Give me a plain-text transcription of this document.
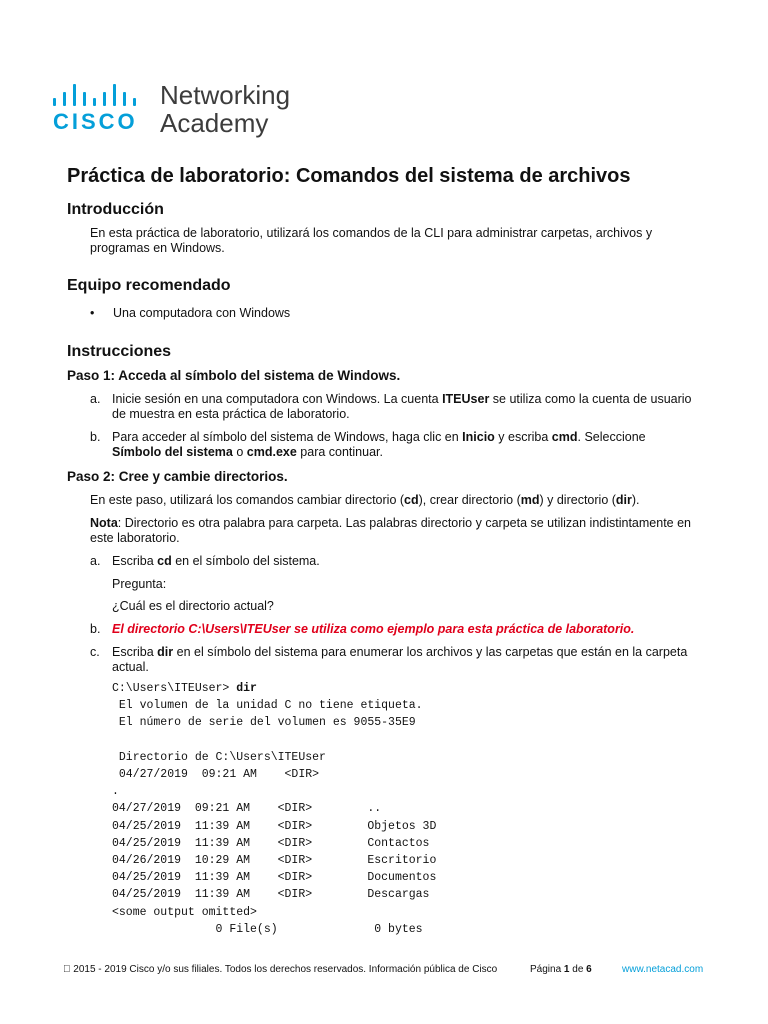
CISCO
Networking
Academy
Práctica de laboratorio: Comandos del sistema de archivos
Introducción
En esta práctica de laboratorio, utilizará los comandos de la CLI para administrar carpetas, archivos y programas en Windows.
Equipo recomendado
• Una computadora con Windows
Instrucciones
Paso 1: Acceda al símbolo del sistema de Windows.
a. Inicie sesión en una computadora con Windows. La cuenta ITEUser se utiliza como la cuenta de usuario de muestra en esta práctica de laboratorio.
b. Para acceder al símbolo del sistema de Windows, haga clic en Inicio y escriba cmd. Seleccione
Símbolo del sistema o cmd.exe para continuar.
Paso 2: Cree y cambie directorios.
En este paso, utilizará los comandos cambiar directorio (cd), crear directorio (md) y directorio (dir).
Nota: Directorio es otra palabra para carpeta. Las palabras directorio y carpeta se utilizan indistintamente en este laboratorio.
a. Escriba cd en el símbolo del sistema.
Pregunta:
¿Cuál es el directorio actual?
b. El directorio C:\Users\ITEUser se utiliza como ejemplo para esta práctica de laboratorio.
c. Escriba dir en el símbolo del sistema para enumerar los archivos y las carpetas que están en la carpeta actual.
C:\Users\ITEUser> dir
El volumen de la unidad C no tiene etiqueta.
El número de serie del volumen es 9055-35E9

Directorio de C:\Users\ITEUser
04/27/2019  09:21 AM    <DIR>
.
04/27/2019  09:21 AM    <DIR>        ..
04/25/2019  11:39 AM    <DIR>        Objetos 3D
04/25/2019  11:39 AM    <DIR>        Contactos
04/26/2019  10:29 AM    <DIR>        Escritorio
04/25/2019  11:39 AM    <DIR>        Documentos
04/25/2019  11:39 AM    <DIR>        Descargas
<some output omitted>
0 File(s)              0 bytes
  2015 - 2019 Cisco y/o sus filiales. Todos los derechos reservados. Información pública de Cisco	Página 1 de 6	www.netacad.com
